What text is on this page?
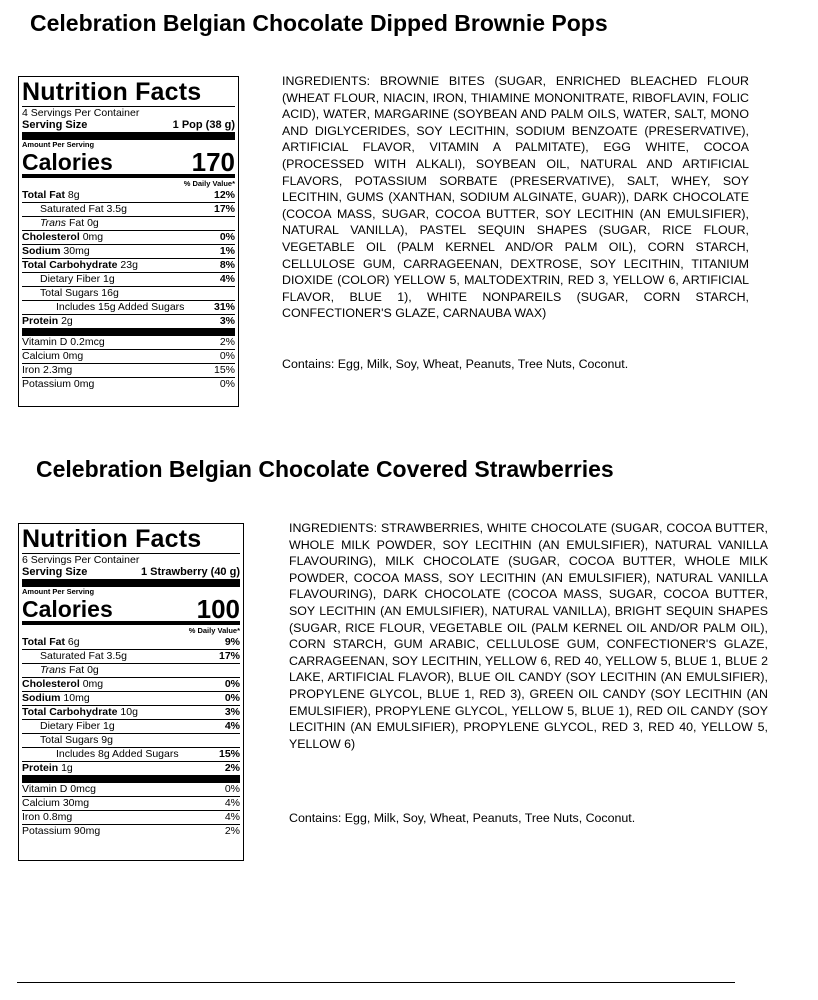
Celebration Belgian Chocolate Dipped Brownie Pops
Nutrition Facts
4 Servings Per Container
Serving Size	1 Pop (38 g)
Amount Per Serving
Calories	170
% Daily Value*
Total Fat 8g	12%
Saturated Fat 3.5g	17%
Trans Fat 0g
Cholesterol 0mg	0%
Sodium 30mg	1%
Total Carbohydrate 23g	8%
Dietary Fiber 1g	4%
Total Sugars 16g
Includes 15g Added Sugars	31%
Protein 2g	3%
Vitamin D 0.2mcg	2%
Calcium 0mg	0%
Iron 2.3mg	15%
Potassium 0mg	0%
INGREDIENTS: BROWNIE BITES (SUGAR, ENRICHED BLEACHED FLOUR (WHEAT FLOUR, NIACIN, IRON, THIAMINE MONONITRATE, RIBOFLAVIN, FOLIC ACID), WATER, MARGARINE (SOYBEAN AND PALM OILS, WATER, SALT, MONO AND DIGLYCERIDES, SOY LECITHIN, SODIUM BENZOATE (PRESERVATIVE), ARTIFICIAL FLAVOR, VITAMIN A PALMITATE), EGG WHITE, COCOA (PROCESSED WITH ALKALI), SOYBEAN OIL, NATURAL AND ARTIFICIAL FLAVORS, POTASSIUM SORBATE (PRESERVATIVE), SALT, WHEY, SOY LECITHIN, GUMS (XANTHAN, SODIUM ALGINATE, GUAR)), DARK CHOCOLATE (COCOA MASS, SUGAR, COCOA BUTTER, SOY LECITHIN (AN EMULSIFIER), NATURAL VANILLA), PASTEL SEQUIN SHAPES (SUGAR, RICE FLOUR, VEGETABLE OIL (PALM KERNEL AND/OR PALM OIL), CORN STARCH, CELLULOSE GUM, CARRAGEENAN, DEXTROSE, SOY LECITHIN, TITANIUM DIOXIDE (COLOR) YELLOW 5, MALTODEXTRIN, RED 3, YELLOW 6, ARTIFICIAL FLAVOR, BLUE 1), WHITE NONPAREILS (SUGAR, CORN STARCH, CONFECTIONER'S GLAZE, CARNAUBA WAX)
Contains: Egg, Milk, Soy, Wheat, Peanuts, Tree Nuts, Coconut.
Celebration Belgian Chocolate Covered Strawberries
Nutrition Facts
6 Servings Per Container
Serving Size	1 Strawberry (40 g)
Amount Per Serving
Calories	100
% Daily Value*
Total Fat 6g	9%
Saturated Fat 3.5g	17%
Trans Fat 0g
Cholesterol 0mg	0%
Sodium 10mg	0%
Total Carbohydrate 10g	3%
Dietary Fiber 1g	4%
Total Sugars 9g
Includes 8g Added Sugars	15%
Protein 1g	2%
Vitamin D 0mcg	0%
Calcium 30mg	4%
Iron 0.8mg	4%
Potassium 90mg	2%
INGREDIENTS: STRAWBERRIES, WHITE CHOCOLATE (SUGAR, COCOA BUTTER, WHOLE MILK POWDER, SOY LECITHIN (AN EMULSIFIER), NATURAL VANILLA FLAVOURING), MILK CHOCOLATE (SUGAR, COCOA BUTTER, WHOLE MILK POWDER, COCOA MASS, SOY LECITHIN (AN EMULSIFIER), NATURAL VANILLA FLAVOURING), DARK CHOCOLATE (COCOA MASS, SUGAR, COCOA BUTTER, SOY LECITHIN (AN EMULSIFIER), NATURAL VANILLA), BRIGHT SEQUIN SHAPES (SUGAR, RICE FLOUR, VEGETABLE OIL (PALM KERNEL OIL AND/OR PALM OIL), CORN STARCH, GUM ARABIC, CELLULOSE GUM, CONFECTIONER'S GLAZE, CARRAGEENAN, SOY LECITHIN, YELLOW 6, RED 40, YELLOW 5, BLUE 1, BLUE 2 LAKE, ARTIFICIAL FLAVOR), BLUE OIL CANDY (SOY LECITHIN (AN EMULSIFIER), PROPYLENE GLYCOL, BLUE 1, RED 3), GREEN OIL CANDY (SOY LECITHIN (AN EMULSIFIER), PROPYLENE GLYCOL, YELLOW 5, BLUE 1), RED OIL CANDY (SOY LECITHIN (AN EMULSIFIER), PROPYLENE GLYCOL, RED 3, RED 40, YELLOW 5, YELLOW 6)
Contains: Egg, Milk, Soy, Wheat, Peanuts, Tree Nuts, Coconut.
